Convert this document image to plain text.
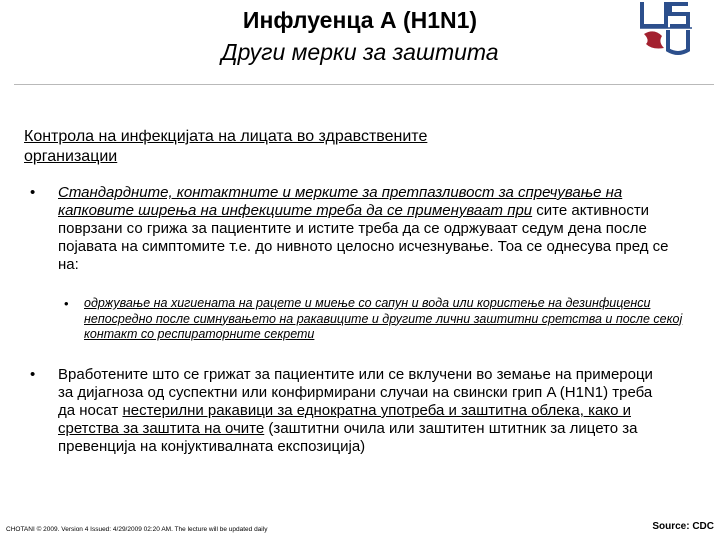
Инфлуенца А (H1N1)
Други мерки за заштита
Контрола на инфекцијата на лицата во здравствените
организации
• Стандардните, контактните и мерките за претпазливост за спречување на капковите ширења на инфекциите треба да се применуваат при сите активности поврзани со грижа за пациентите и истите треба да се одржуваат седум дена после појавата на симптомите т.е. до нивното целосно исчезнување. Тоа се однесува пред се на:
• одржување на хигиената на рацете и миење со сапун и вода или користење на дезинфиценси непосредно после симнувањето на ракавиците и другите лични заштитни сретства и после секој контакт со респираторните секрети
• Вработените што се грижат за пациентите или се вклучени во земање на примероци за дијагноза од суспектни или конфирмирани случаи на свински грип A (H1N1) треба да носат нестерилни ракавици за еднократна употреба и заштитна облека, како и сретства за заштита на очите (заштитни очила или заштитен штитник за лицето за превенција на конјуктивалната експозиција)
CHOTANI © 2009. Version 4 Issued: 4/29/2009 02:20 AM. The lecture will be updated daily	Source: CDC
